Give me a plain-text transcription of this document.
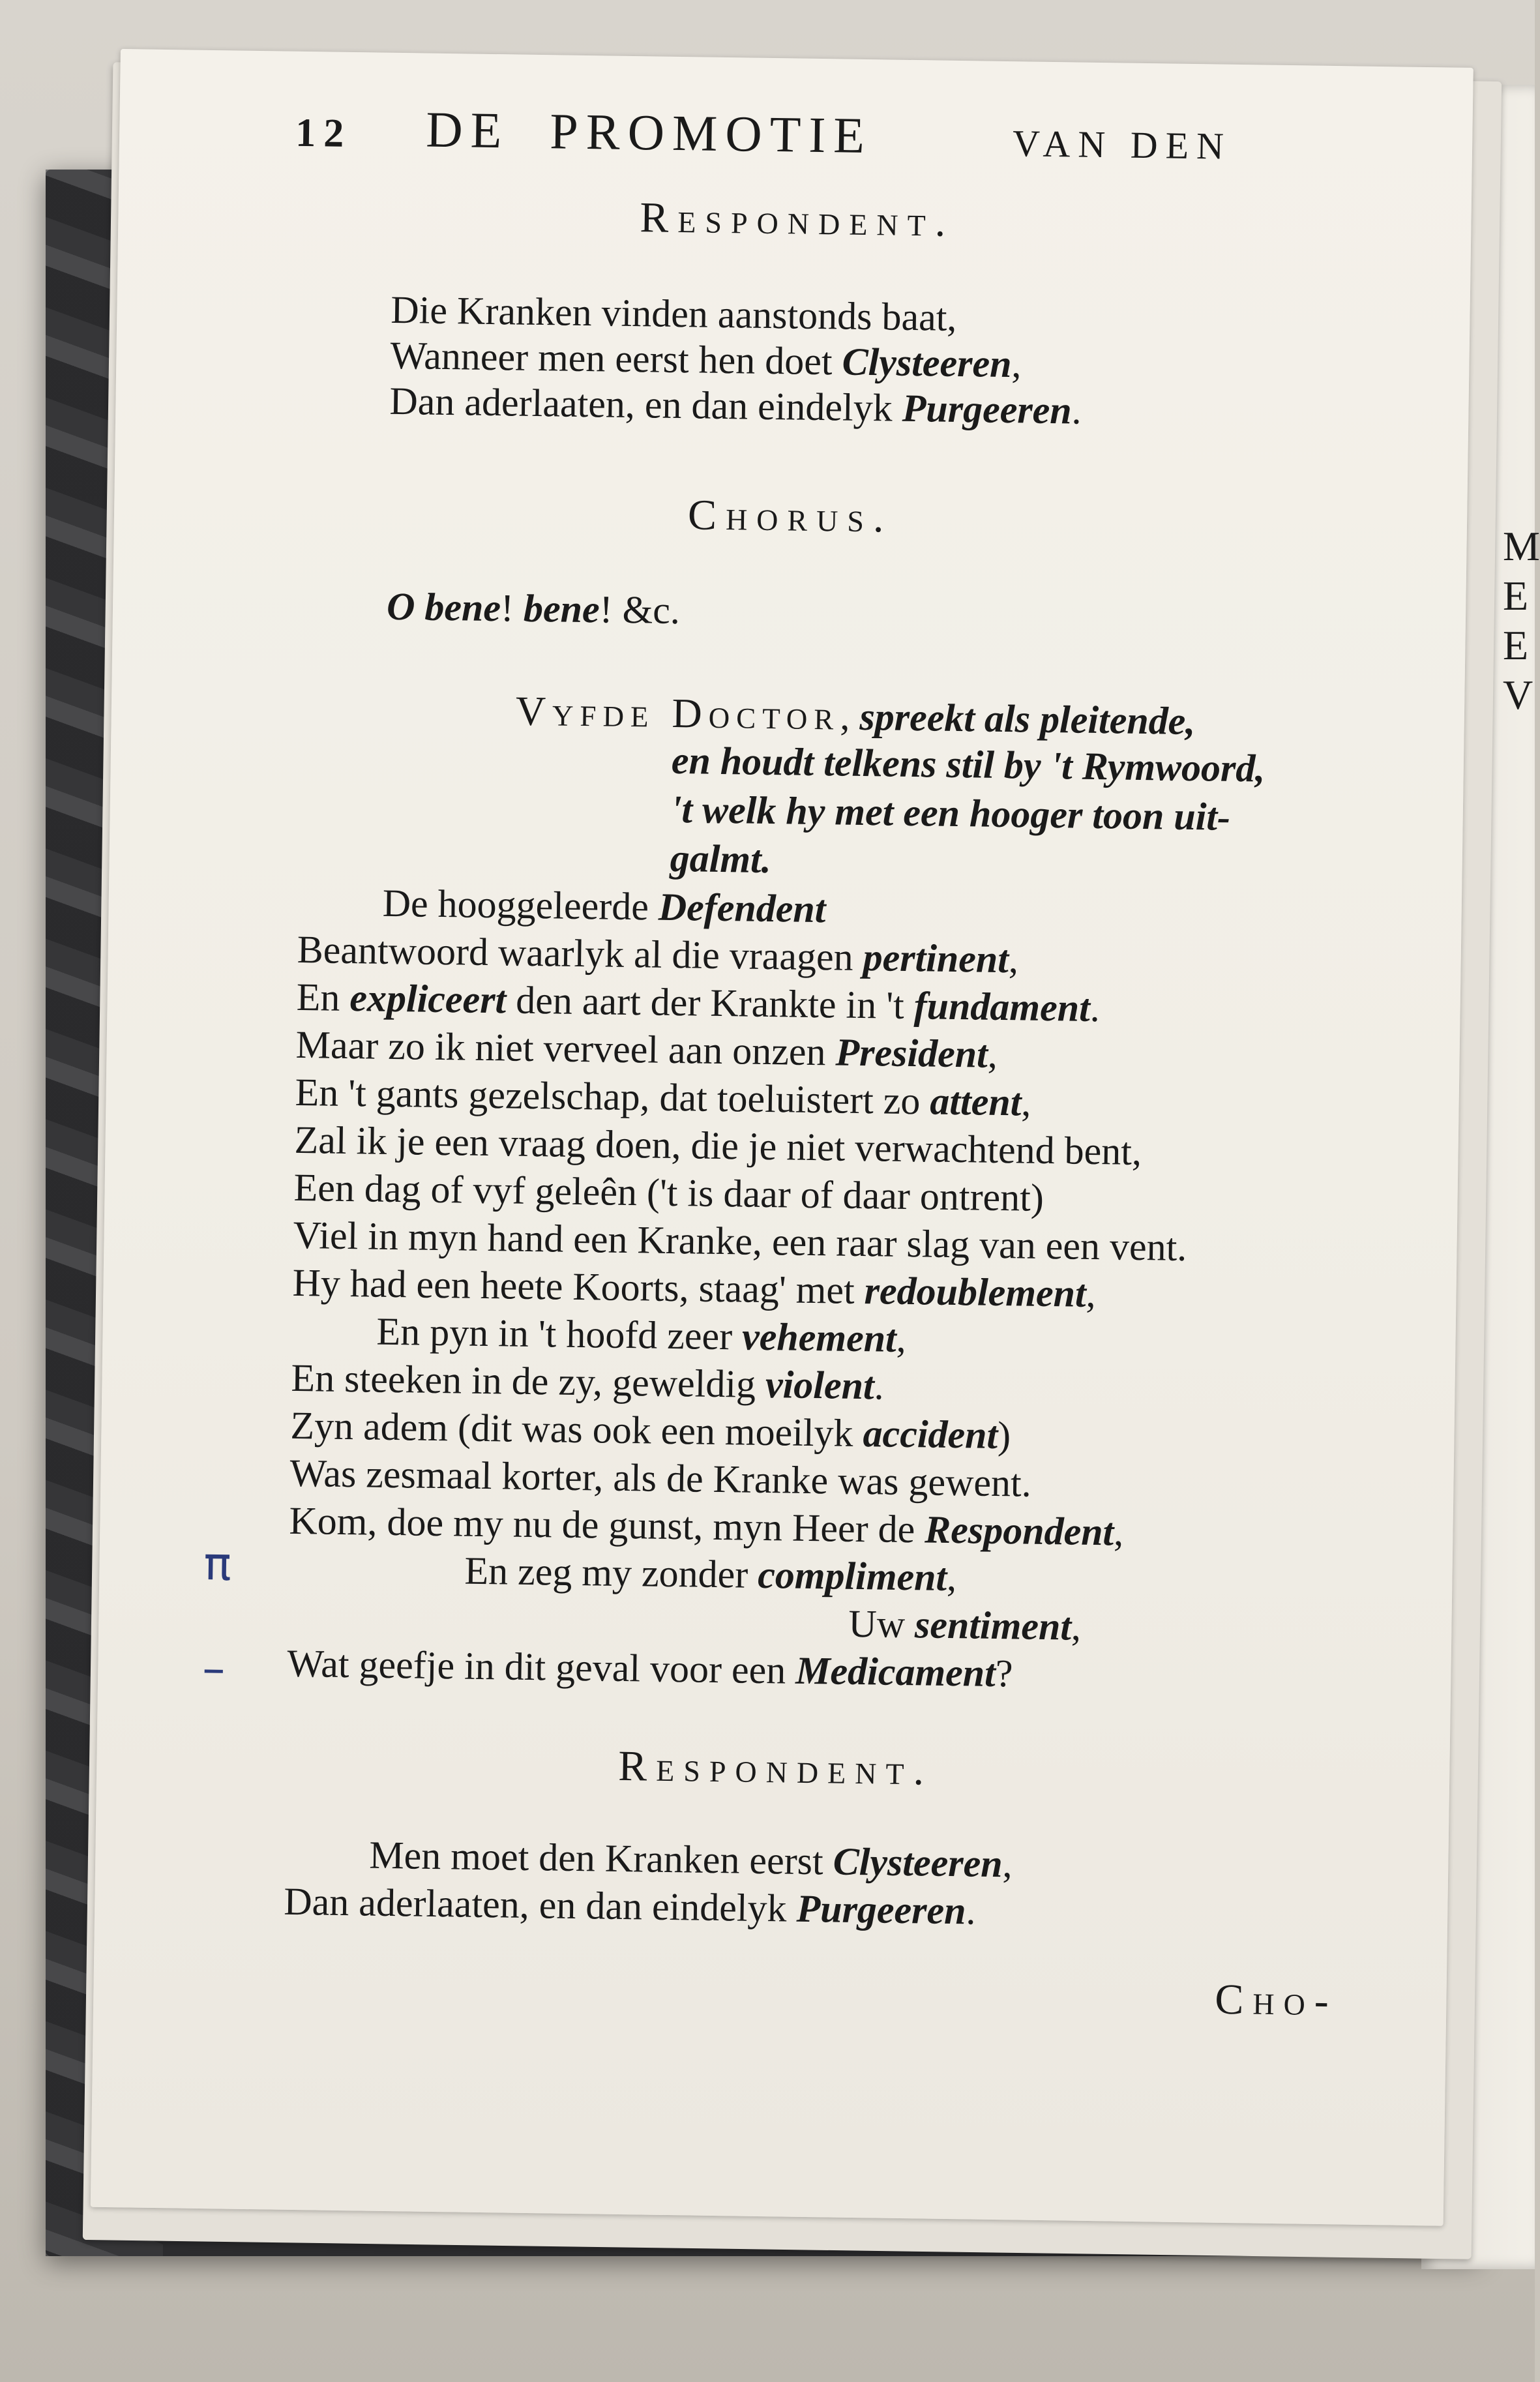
M
E
E
V
12 DE PROMOTIE	VAN DEN
Respondent.
Die Kranken vinden aanstonds baat,
Wanneer men eerst hen doet Clysteeren,
Dan aderlaaten, en dan eindelyk Purgeeren.
Chorus.
O bene! bene! &c.
Vyfde Doctor, spreekt als pleitende,
en houdt telkens stil by 't Rymwoord,
't welk hy met een hooger toon uit-
galmt.
De hooggeleerde Defendent
Beantwoord waarlyk al die vraagen pertinent,
En expliceert den aart der Krankte in 't fundament.
Maar zo ik niet verveel aan onzen President,
En 't gants gezelschap, dat toeluistert zo attent,
Zal ik je een vraag doen, die je niet verwachtend bent,
Een dag of vyf geleên ('t is daar of daar ontrent)
Viel in myn hand een Kranke, een raar slag van een vent.
Hy had een heete Koorts, staag' met redoublement,
En pyn in 't hoofd zeer vehement,
En steeken in de zy, geweldig violent.
Zyn adem (dit was ook een moeilyk accident)
Was zesmaal korter, als de Kranke was gewent.
Kom, doe my nu de gunst, myn Heer de Respondent,
En zeg my zonder compliment,
Uw sentiment,
Wat geefje in dit geval voor een Medicament?
Respondent.
Men moet den Kranken eerst Clysteeren,
Dan aderlaaten, en dan eindelyk Purgeeren.
Cho-
π
–
